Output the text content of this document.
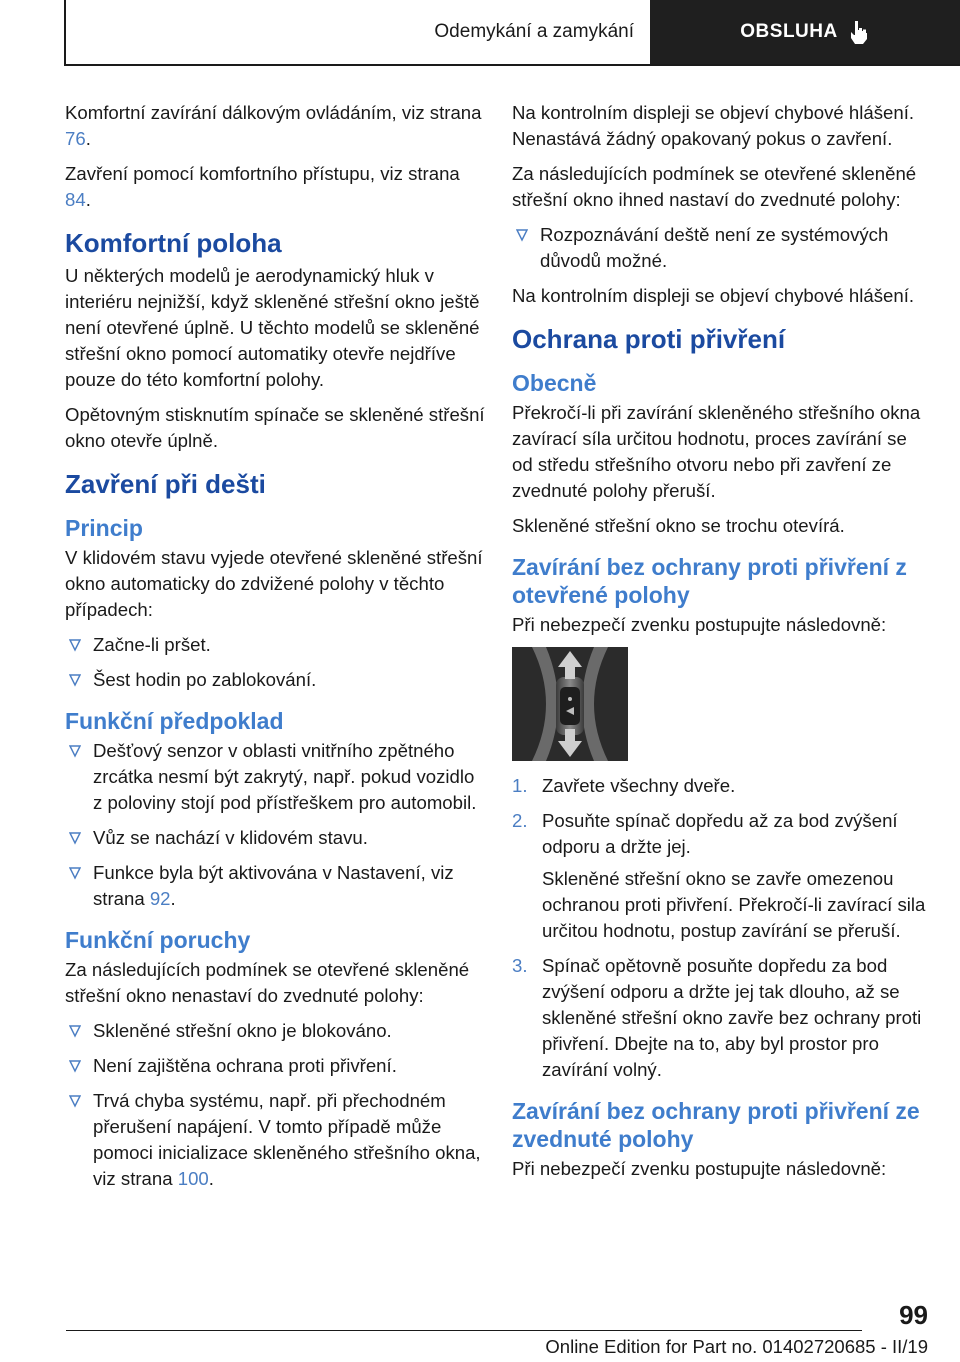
Odemykání a zamykání	OBSLUHA

Komfortní zavírání dálkovým ovládáním, viz strana 76.

Zavření pomocí komfortního přístupu, viz strana 84.

Komfortní poloha

U některých modelů je aerodynamický hluk v interiéru nejnižší, když skleněné střešní okno ještě není otevřené úplně. U těchto modelů se skleněné střešní okno pomocí automatiky otevře nejdříve pouze do této komfortní polohy.

Opětovným stisknutím spínače se skleněné střešní okno otevře úplně.

Zavření při dešti
Princip

V klidovém stavu vyjede otevřené skleněné střešní okno automaticky do zdvižené polohy v těchto případech:

Začne-li pršet.
Šest hodin po zablokování.
Funkční předpoklad
Dešťový senzor v oblasti vnitřního zpětného zrcátka nesmí být zakrytý, např. pokud vozidlo z poloviny stojí pod přístřeškem pro automobil.
Vůz se nachází v klidovém stavu.
Funkce byla být aktivována v Nastavení, viz strana 92.
Funkční poruchy

Za následujících podmínek se otevřené skleněné střešní okno nenastaví do zvednuté polohy:

Skleněné střešní okno je blokováno.
Není zajištěna ochrana proti přivření.
Trvá chyba systému, např. při přechodném přerušení napájení. V tomto případě může pomoci inicializace skleněného střešního okna, viz strana 100.

Na kontrolním displeji se objeví chybové hlášení. Nenastává žádný opakovaný pokus o zavření.

Za následujících podmínek se otevřené skleněné střešní okno ihned nastaví do zvednuté polohy:

Rozpoznávání deště není ze systémových důvodů možné.

Na kontrolním displeji se objeví chybové hlášení.

Ochrana proti přivření
Obecně

Překročí-li při zavírání skleněného střešního okna zavírací síla určitou hodnotu, proces zavírání se od středu střešního otvoru nebo při zavření ze zvednuté polohy přeruší.

Skleněné střešní okno se trochu otevírá.

Zavírání bez ochrany proti přivření z otevřené polohy

Při nebezpečí zvenku postupujte následovně:

1. Zavřete všechny dveře.
2. Posuňte spínač dopředu až za bod zvýšení odporu a držte jej.

Skleněné střešní okno se zavře omezenou ochranou proti přivření. Překročí-li zavírací sila určitou hodnotu, postup zavírání se přeruší.

3. Spínač opětovně posuňte dopředu za bod zvýšení odporu a držte jej tak dlouho, až se skleněné střešní okno zavře bez ochrany proti přivření. Dbejte na to, aby byl prostor pro zavírání volný.
Zavírání bez ochrany proti přivření ze zvednuté polohy

Při nebezpečí zvenku postupujte následovně:

99
Online Edition for Part no. 01402720685 - II/19
